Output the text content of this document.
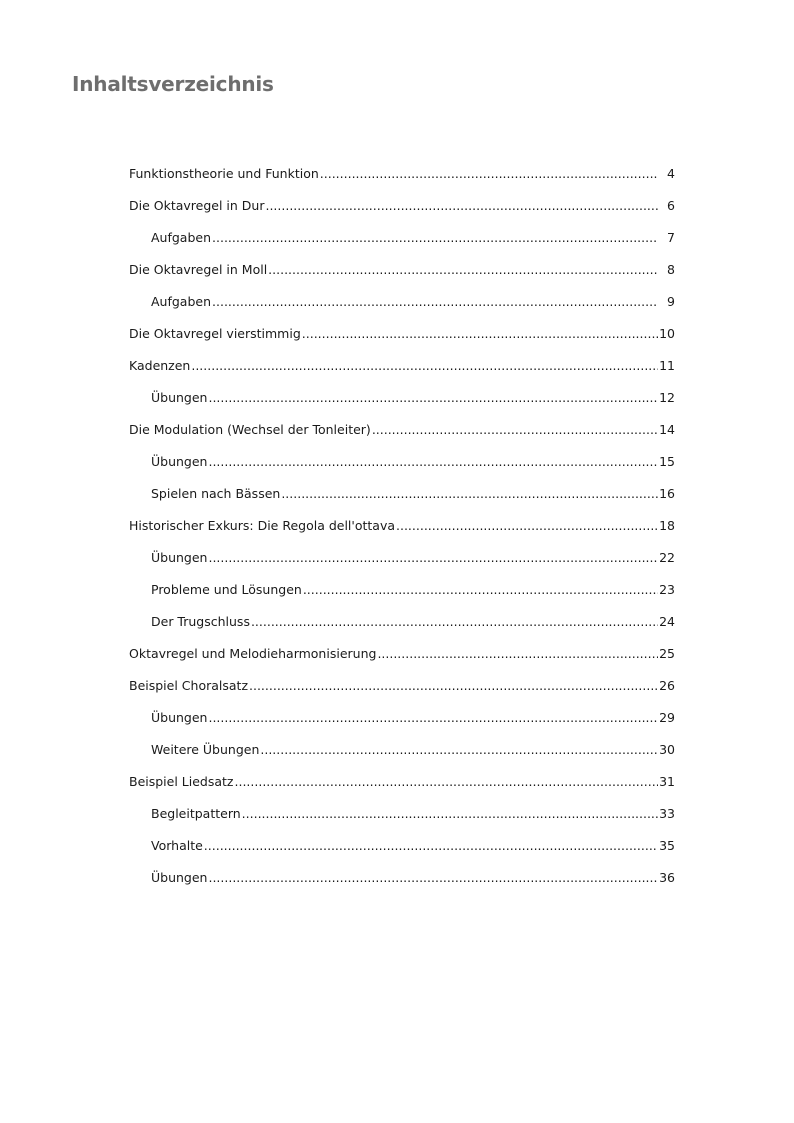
Inhaltsverzeichnis
Funktionstheorie und Funktion .....	4
Die Oktavregel in Dur .....	6
Aufgaben .....	7
Die Oktavregel in Moll .....	8
Aufgaben .....	9
Die Oktavregel vierstimmig .....	10
Kadenzen .....	11
Übungen .....	12
Die Modulation (Wechsel der Tonleiter) .....	14
Übungen .....	15
Spielen nach Bässen .....	16
Historischer Exkurs: Die Regola dell'ottava .....	18
Übungen .....	22
Probleme und Lösungen .....	23
Der Trugschluss .....	24
Oktavregel und Melodieharmonisierung .....	25
Beispiel Choralsatz .....	26
Übungen .....	29
Weitere Übungen .....	30
Beispiel Liedsatz .....	31
Begleitpattern .....	33
Vorhalte .....	35
Übungen .....	36
